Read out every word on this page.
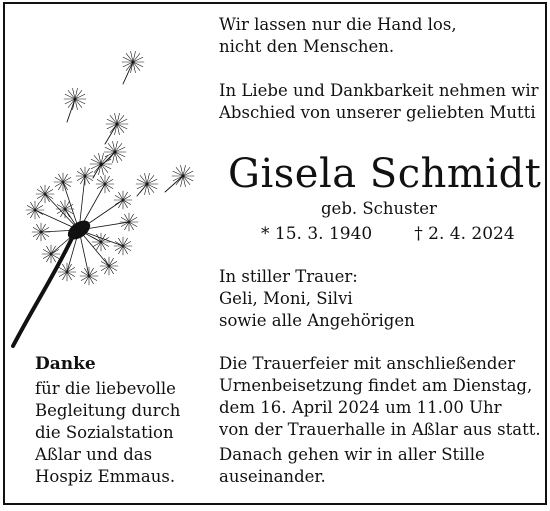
Wir lassen nur die Hand los,
nicht den Menschen.
In Liebe und Dankbarkeit nehmen wir
Abschied von unserer geliebten Mutti
Gisela Schmidt
geb. Schuster
* 15. 3. 1940 † 2. 4. 2024
In stiller Trauer:
Geli, Moni, Silvi
sowie alle Angehörigen
Die Trauerfeier mit anschließender
Urnenbeisetzung findet am Dienstag,
dem 16. April 2024 um 11.00 Uhr
von der Trauerhalle in Aßlar aus statt.
Danach gehen wir in aller Stille
auseinander.
Danke
für die liebevolle
Begleitung durch
die Sozialstation
Aßlar und das
Hospiz Emmaus.
